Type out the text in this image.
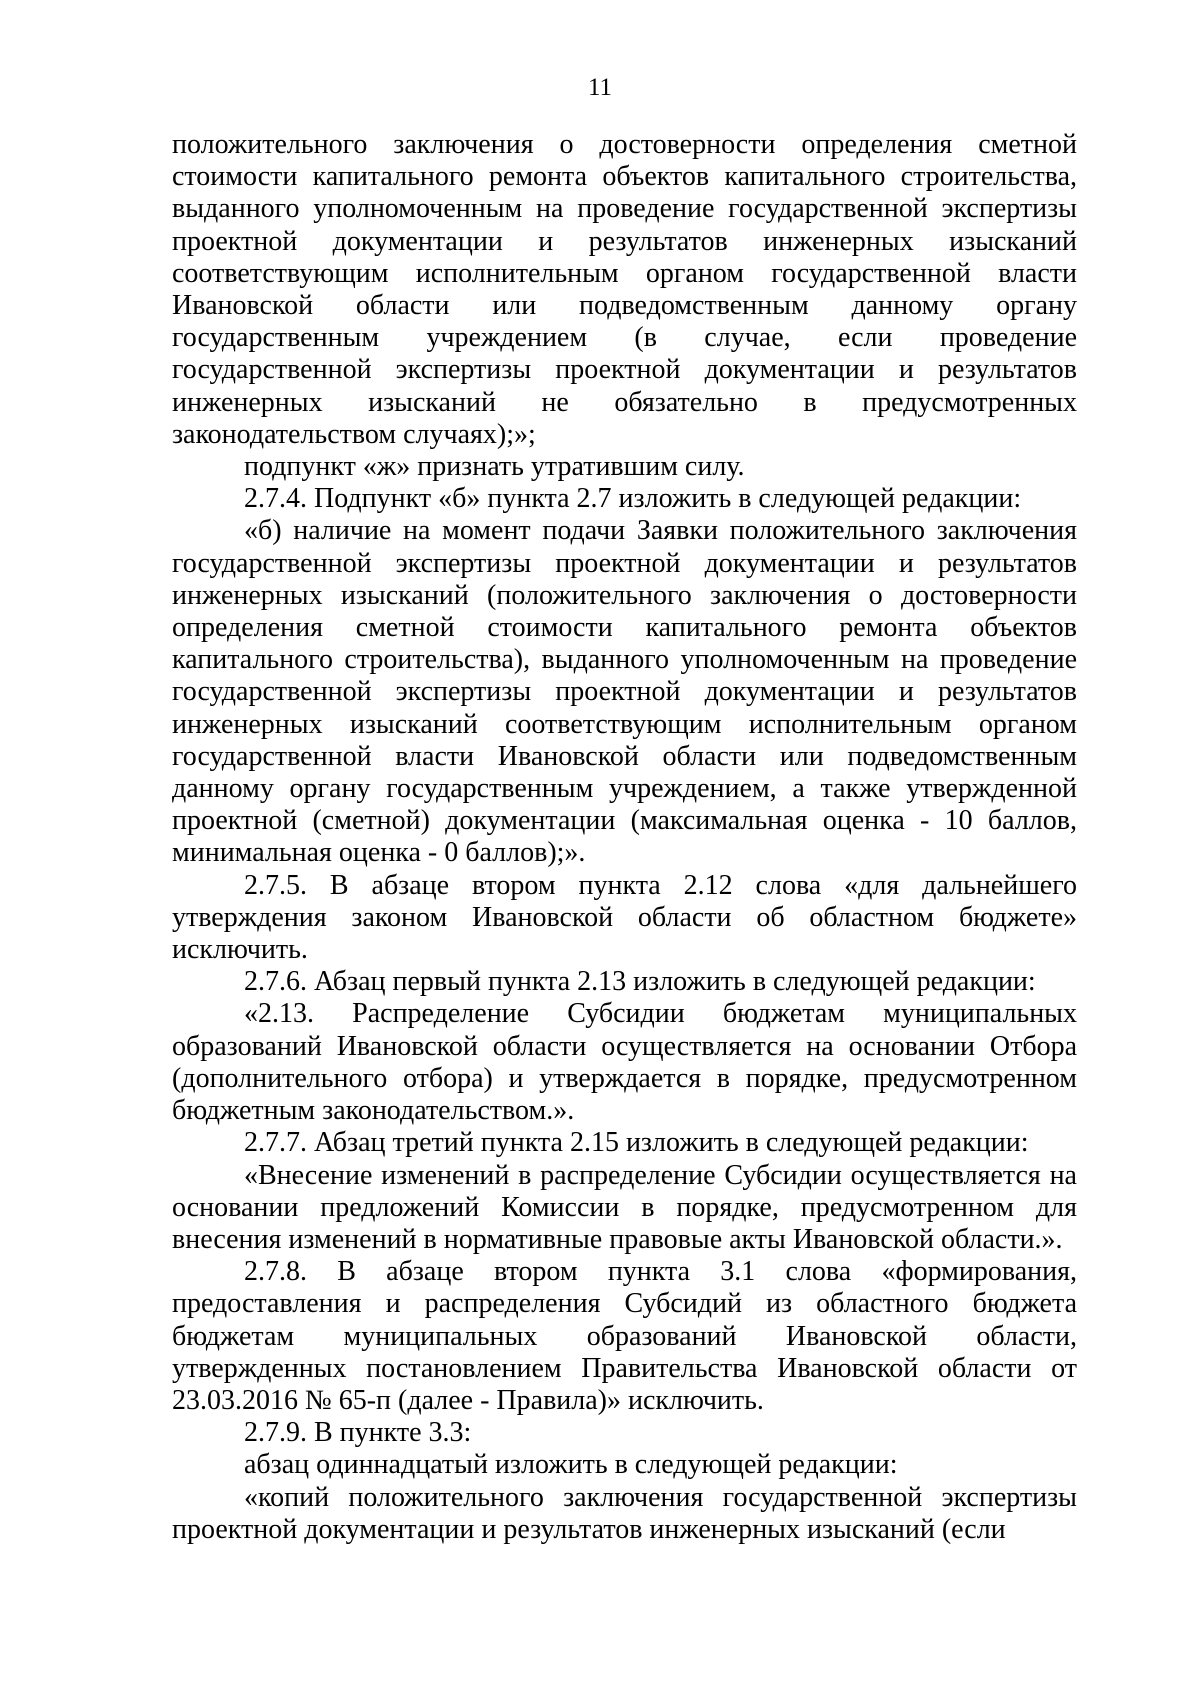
11

положительного заключения о достоверности определения сметной стоимости капитального ремонта объектов капитального строительства, выданного уполномоченным на проведение государственной экспертизы проектной документации и результатов инженерных изысканий соответствующим исполнительным органом государственной власти Ивановской области или подведомственным данному органу государственным учреждением (в случае, если проведение государственной экспертизы проектной документации и результатов инженерных изысканий не обязательно в предусмотренных законодательством случаях);»;

подпункт «ж» признать утратившим силу.

2.7.4. Подпункт «б» пункта 2.7 изложить в следующей редакции:

«б) наличие на момент подачи Заявки положительного заключения государственной экспертизы проектной документации и результатов инженерных изысканий (положительного заключения о достоверности определения сметной стоимости капитального ремонта объектов капитального строительства), выданного уполномоченным на проведение государственной экспертизы проектной документации и результатов инженерных изысканий соответствующим исполнительным органом государственной власти Ивановской области или подведомственным данному органу государственным учреждением, а также утвержденной проектной (сметной) документации (максимальная оценка - 10 баллов, минимальная оценка - 0 баллов);».

2.7.5. В абзаце втором пункта 2.12 слова «для дальнейшего утверждения законом Ивановской области об областном бюджете» исключить.

2.7.6. Абзац первый пункта 2.13 изложить в следующей редакции:

«2.13. Распределение Субсидии бюджетам муниципальных образований Ивановской области осуществляется на основании Отбора (дополнительного отбора) и утверждается в порядке, предусмотренном бюджетным законодательством.».

2.7.7. Абзац третий пункта 2.15 изложить в следующей редакции:

«Внесение изменений в распределение Субсидии осуществляется на основании предложений Комиссии в порядке, предусмотренном для внесения изменений в нормативные правовые акты Ивановской области.».

2.7.8. В абзаце втором пункта 3.1 слова «формирования, предоставления и распределения Субсидий из областного бюджета бюджетам муниципальных образований Ивановской области, утвержденных постановлением Правительства Ивановской области от 23.03.2016 № 65-п (далее - Правила)» исключить.

2.7.9. В пункте 3.3:

абзац одиннадцатый изложить в следующей редакции:

«копий положительного заключения государственной экспертизы проектной документации и результатов инженерных изысканий (если
